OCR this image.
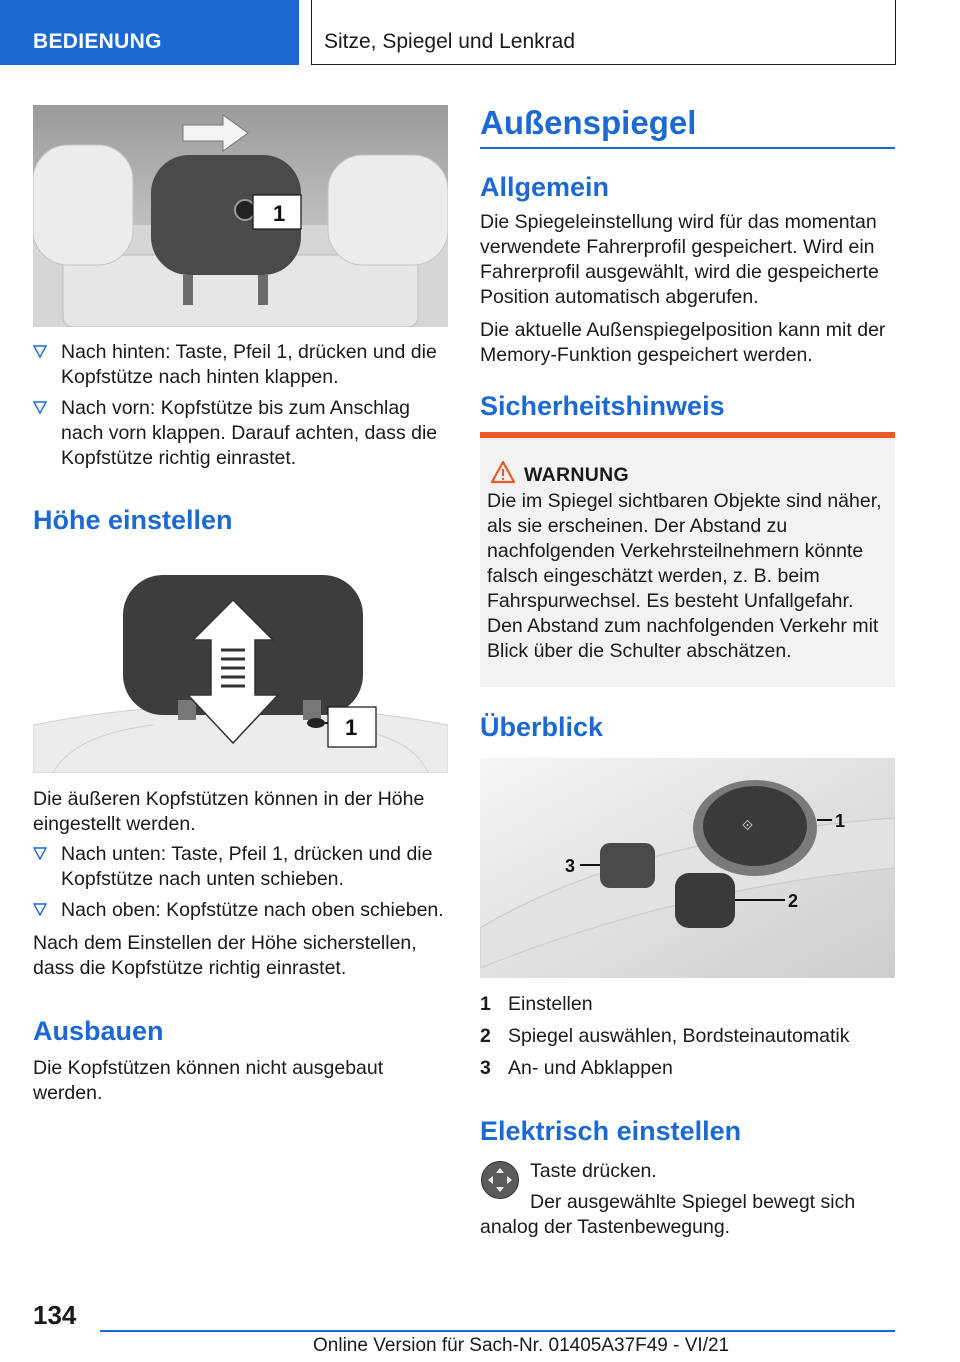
BEDIENUNG	Sitze, Spiegel und Lenkrad
1
Nach hinten: Taste, Pfeil 1, drücken und die Kopfstütze nach hinten klappen.
Nach vorn: Kopfstütze bis zum Anschlag nach vorn klappen. Darauf achten, dass die Kopfstütze richtig einrastet.
Höhe einstellen
1
Die äußeren Kopfstützen können in der Höhe eingestellt werden.
Nach unten: Taste, Pfeil 1, drücken und die Kopfstütze nach unten schieben.
Nach oben: Kopfstütze nach oben schieben.
Nach dem Einstellen der Höhe sicherstellen, dass die Kopfstütze richtig einrastet.
Ausbauen
Die Kopfstützen können nicht ausgebaut werden.
Außenspiegel
Allgemein
Die Spiegeleinstellung wird für das momentan verwendete Fahrerprofil gespeichert. Wird ein Fahrerprofil ausgewählt, wird die gespeicherte Position automatisch abgerufen.
Die aktuelle Außenspiegelposition kann mit der Memory-Funktion gespeichert werden.
Sicherheitshinweis
WARNUNG
Die im Spiegel sichtbaren Objekte sind näher, als sie erscheinen. Der Abstand zu nachfolgenden Verkehrsteilnehmern könnte falsch eingeschätzt werden, z. B. beim Fahrspurwechsel. Es besteht Unfallgefahr. Den Abstand zum nachfolgenden Verkehr mit Blick über die Schulter abschätzen.
Überblick
⟐	1
2
3
1 Einstellen
2 Spiegel auswählen, Bordsteinautomatik
3 An- und Abklappen
Elektrisch einstellen
Taste drücken.
Der ausgewählte Spiegel bewegt sich analog der Tastenbewegung.
134
Online Version für Sach-Nr. 01405A37F49 - VI/21
